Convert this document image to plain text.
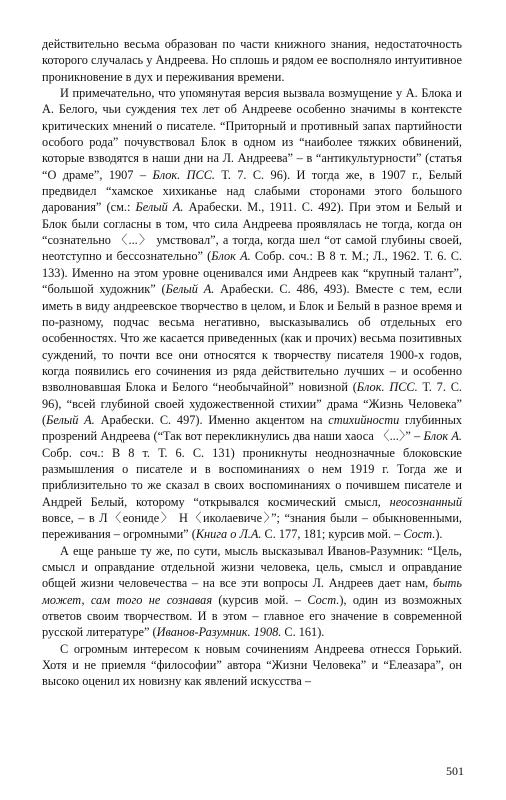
действительно весьма образован по части книжного знания, недостаточность которого случалась у Андреева. Но сплошь и рядом ее восполняло интуитивное проникновение в дух и переживания времени.

И примечательно, что упомянутая версия вызвала возмущение у А. Блока и А. Белого, чьи суждения тех лет об Андрееве особенно значимы в контексте критических мнений о писателе. “Приторный и противный запах партийности особого рода” почувствовал Блок в одном из “наиболее тяжких обвинений, которые взводятся в наши дни на Л. Андреева” – в “антикультурности” (статья “О драме”, 1907 – Блок. ПСС. Т. 7. С. 96). И тогда же, в 1907 г., Белый предвидел “хамское хихиканье над слабыми сторонами этого большого дарования” (см.: Белый А. Арабески. М., 1911. С. 492). При этом и Белый и Блок были согласны в том, что сила Андреева проявлялась не тогда, когда он “сознательно 〈...〉 умствовал”, а тогда, когда шел “от самой глубины своей, неотступно и бессознательно” (Блок А. Собр. соч.: В 8 т. М.; Л., 1962. Т. 6. С. 133). Именно на этом уровне оценивался ими Андреев как “крупный талант”, “большой художник” (Белый А. Арабески. С. 486, 493). Вместе с тем, если иметь в виду андреевское творчество в целом, и Блок и Белый в разное время и по-разному, подчас весьма негативно, высказывались об отдельных его особенностях. Что же касается приведенных (как и прочих) весьма позитивных суждений, то почти все они относятся к творчеству писателя 1900-х годов, когда появились его сочинения из ряда действительно лучших – и особенно взволновавшая Блока и Белого “необычайной” новизной (Блок. ПСС. Т. 7. С. 96), “всей глубиной своей художественной стихии” драма “Жизнь Человека” (Белый А. Арабески. С. 497). Именно акцентом на стихийности глубинных прозрений Андреева (“Так вот перекликнулись два наши хаоса 〈...〉” – Блок А. Собр. соч.: В 8 т. Т. 6. С. 131) проникнуты неоднозначные блоковские размышления о писателе и в воспоминаниях о нем 1919 г. Тогда же и приблизительно то же сказал в своих воспоминаниях о почившем писателе и Андрей Белый, которому “открывался космический смысл, неосознанный вовсе, – в Л〈еониде〉 Н〈иколаевиче〉”; “знания были – обыкновенными, переживания – огромными” (Книга о Л.А. С. 177, 181; курсив мой. – Сост.).

А еще раньше ту же, по сути, мысль высказывал Иванов-Разумник: “Цель, смысл и оправдание отдельной жизни человека, цель, смысл и оправдание общей жизни человечества – на все эти вопросы Л. Андреев дает нам, быть может, сам того не сознавая (курсив мой. – Сост.), один из возможных ответов своим творчеством. И в этом – главное его значение в современной русской литературе” (Иванов-Разумник. 1908. С. 161).

С огромным интересом к новым сочинениям Андреева отнесся Горький. Хотя и не приемля “философии” автора “Жизни Человека” и “Елеазара”, он высоко оценил их новизну как явлений искусства –

501
